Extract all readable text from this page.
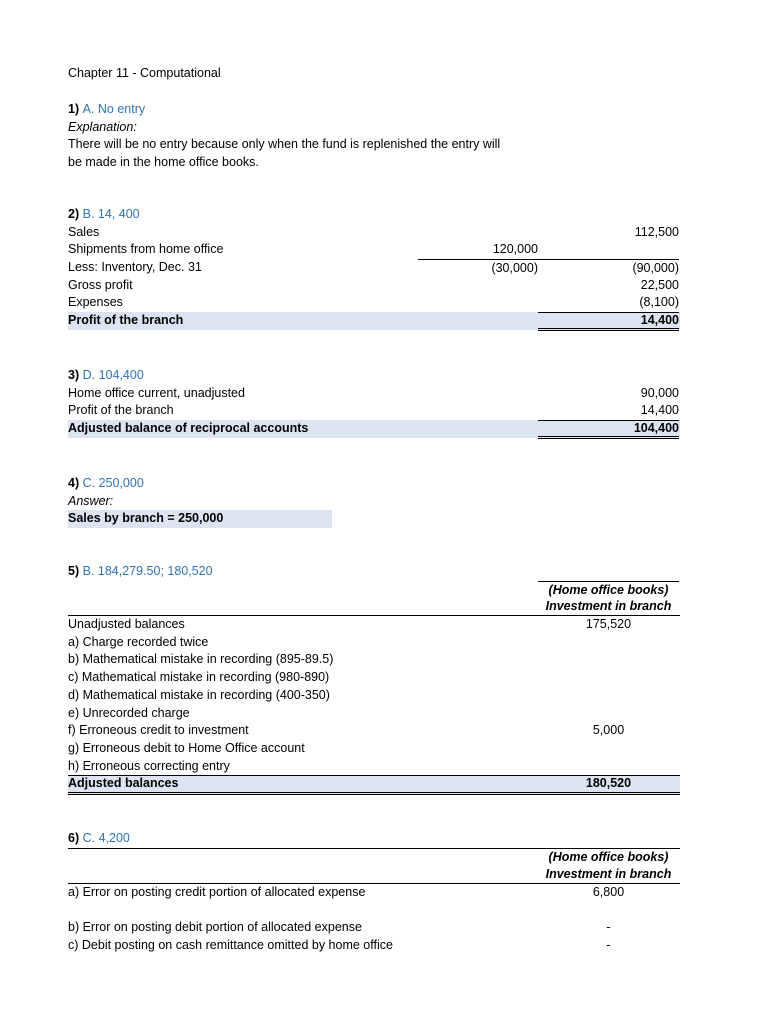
Chapter 11 - Computational
1) A. No entry
Explanation:
There will be no entry because only when the fund is replenished the entry will
be made in the home office books.
2) B. 14, 400
Sales	112,500
Shipments from home office	120,000
Less: Inventory, Dec. 31	(30,000)	(90,000)
Gross profit	22,500
Expenses	(8,100)
Profit of the branch	14,400
3) D. 104,400
Home office current, unadjusted	90,000
Profit of the branch	14,400
Adjusted balance of reciprocal accounts	104,400
4) C. 250,000
Answer:
Sales by branch = 250,000
5) B. 184,279.50; 180,520
(Home office books)
Investment in branch
Unadjusted balances	175,520
a) Charge recorded twice
b) Mathematical mistake in recording (895-89.5)
c) Mathematical mistake in recording (980-890)
d) Mathematical mistake in recording (400-350)
e) Unrecorded charge
f) Erroneous credit to investment	5,000
g) Erroneous debit to Home Office account
h) Erroneous correcting entry
Adjusted balances	180,520
6) C. 4,200
(Home office books)
Investment in branch
a) Error on posting credit portion of allocated expense	6,800
b) Error on posting debit portion of allocated expense	-
c) Debit posting on cash remittance omitted by home office	-
